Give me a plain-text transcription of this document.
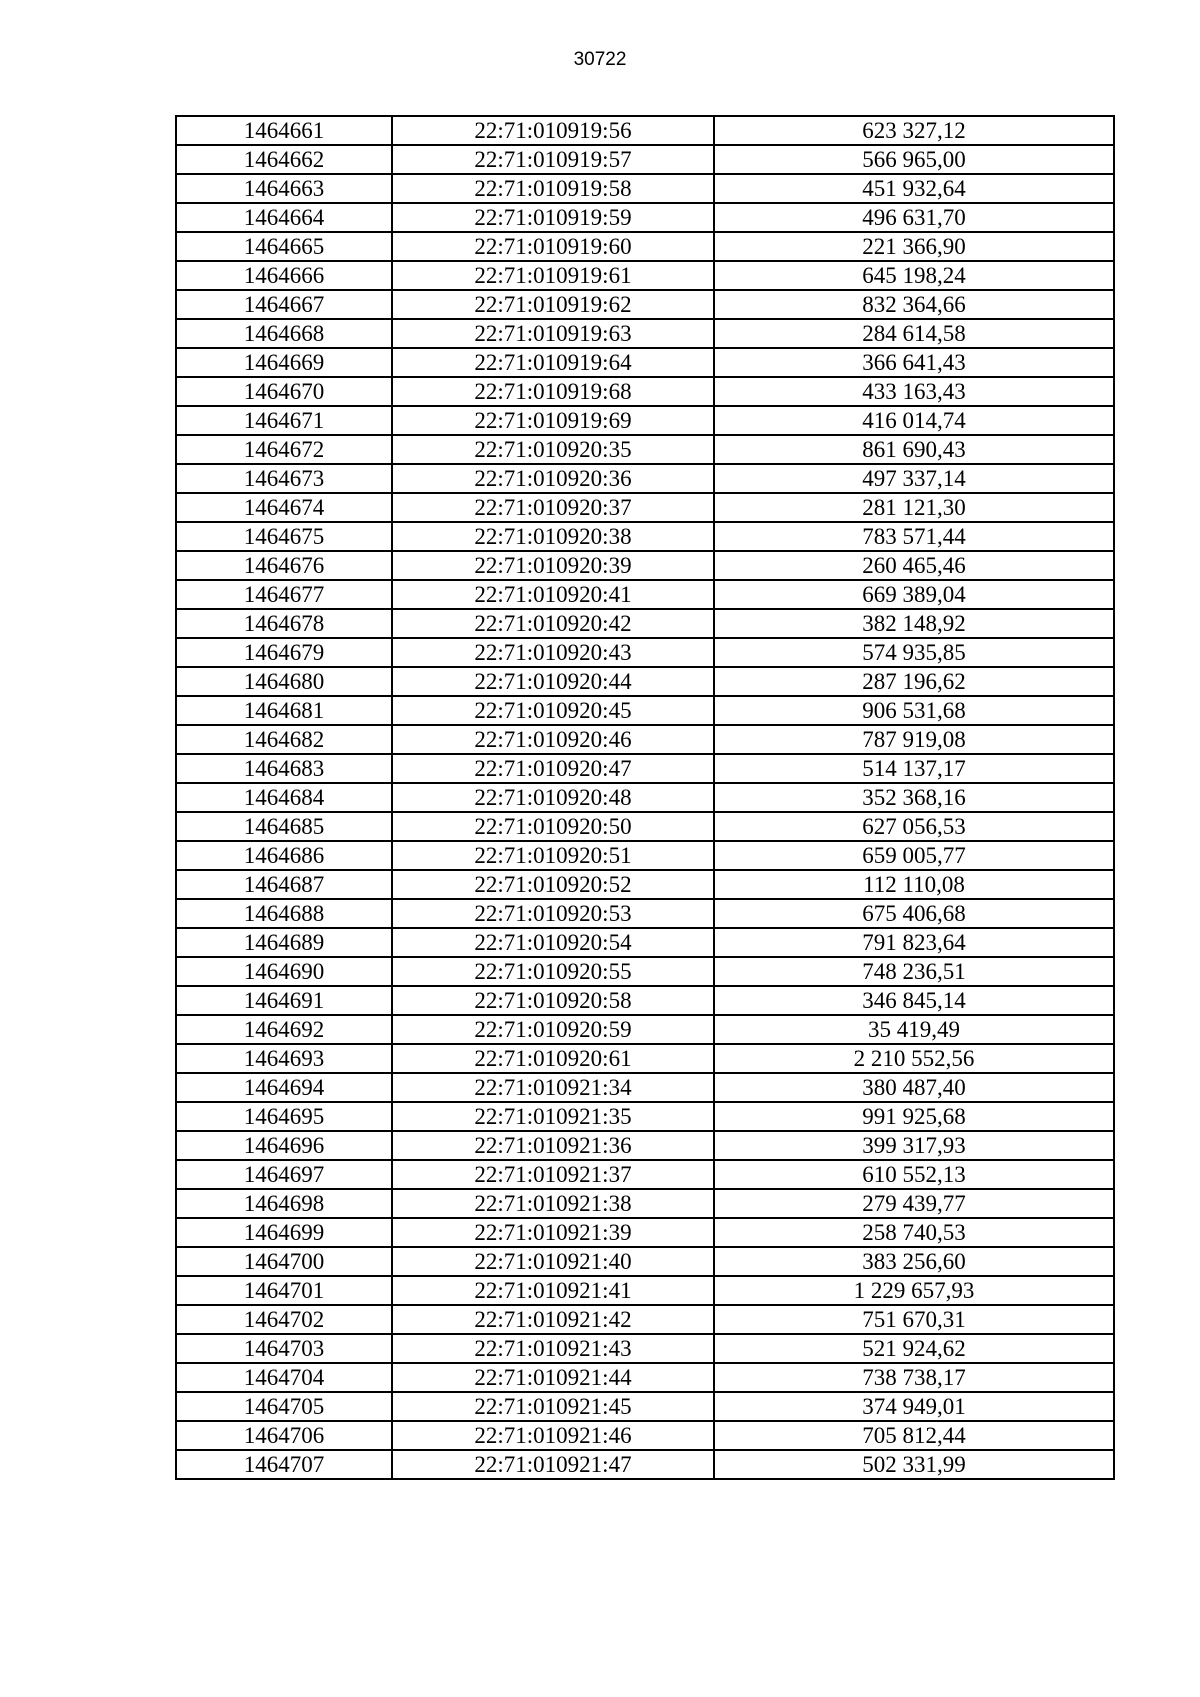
30722
1464661	22:71:010919:56	623 327,12
1464662	22:71:010919:57	566 965,00
1464663	22:71:010919:58	451 932,64
1464664	22:71:010919:59	496 631,70
1464665	22:71:010919:60	221 366,90
1464666	22:71:010919:61	645 198,24
1464667	22:71:010919:62	832 364,66
1464668	22:71:010919:63	284 614,58
1464669	22:71:010919:64	366 641,43
1464670	22:71:010919:68	433 163,43
1464671	22:71:010919:69	416 014,74
1464672	22:71:010920:35	861 690,43
1464673	22:71:010920:36	497 337,14
1464674	22:71:010920:37	281 121,30
1464675	22:71:010920:38	783 571,44
1464676	22:71:010920:39	260 465,46
1464677	22:71:010920:41	669 389,04
1464678	22:71:010920:42	382 148,92
1464679	22:71:010920:43	574 935,85
1464680	22:71:010920:44	287 196,62
1464681	22:71:010920:45	906 531,68
1464682	22:71:010920:46	787 919,08
1464683	22:71:010920:47	514 137,17
1464684	22:71:010920:48	352 368,16
1464685	22:71:010920:50	627 056,53
1464686	22:71:010920:51	659 005,77
1464687	22:71:010920:52	112 110,08
1464688	22:71:010920:53	675 406,68
1464689	22:71:010920:54	791 823,64
1464690	22:71:010920:55	748 236,51
1464691	22:71:010920:58	346 845,14
1464692	22:71:010920:59	35 419,49
1464693	22:71:010920:61	2 210 552,56
1464694	22:71:010921:34	380 487,40
1464695	22:71:010921:35	991 925,68
1464696	22:71:010921:36	399 317,93
1464697	22:71:010921:37	610 552,13
1464698	22:71:010921:38	279 439,77
1464699	22:71:010921:39	258 740,53
1464700	22:71:010921:40	383 256,60
1464701	22:71:010921:41	1 229 657,93
1464702	22:71:010921:42	751 670,31
1464703	22:71:010921:43	521 924,62
1464704	22:71:010921:44	738 738,17
1464705	22:71:010921:45	374 949,01
1464706	22:71:010921:46	705 812,44
1464707	22:71:010921:47	502 331,99
